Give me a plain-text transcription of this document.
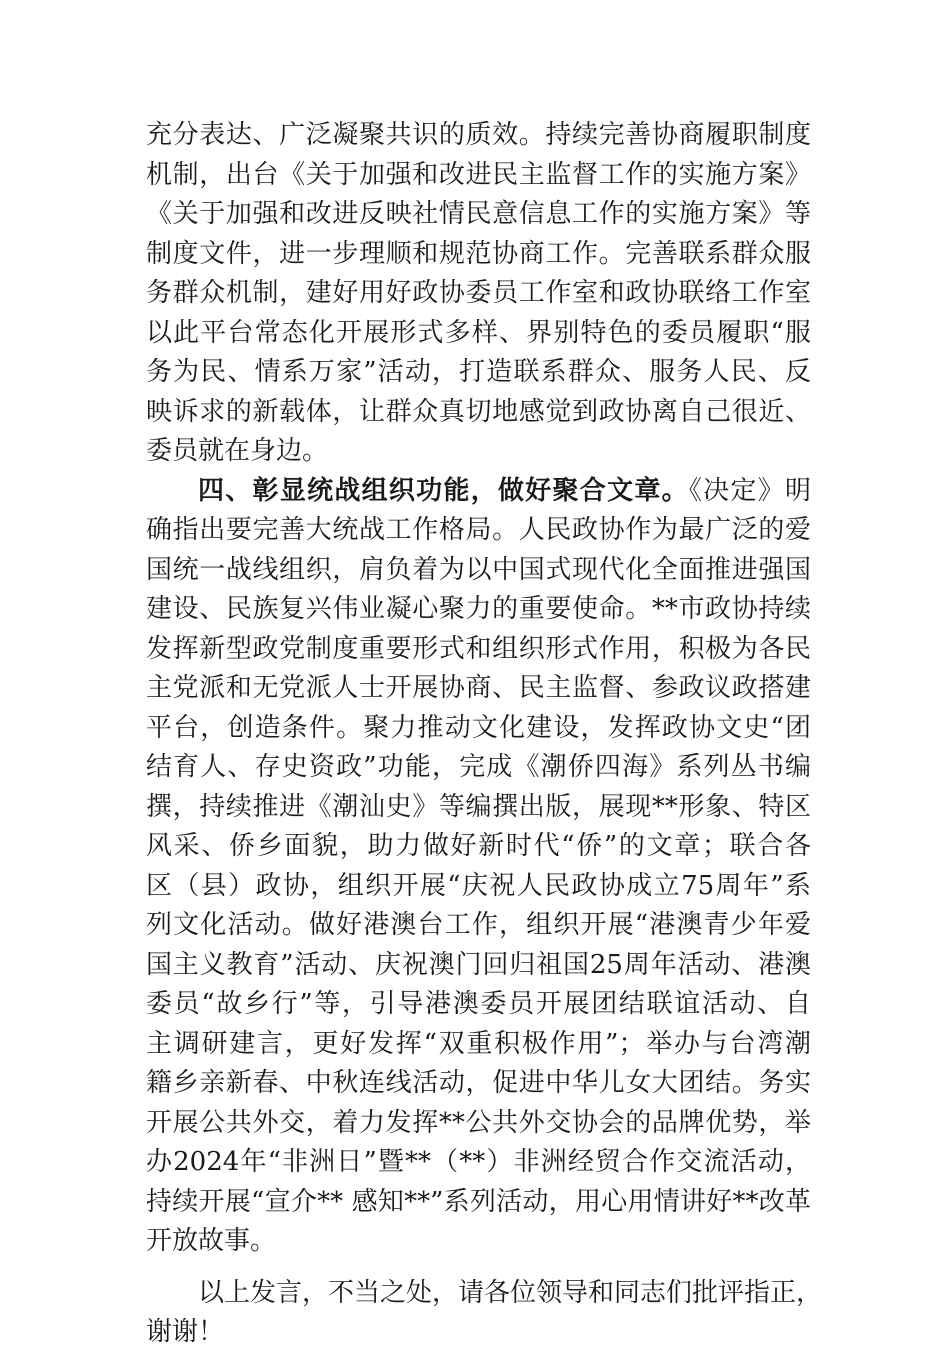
充分表达、广泛凝聚共识的质效。持续完善协商履职制度
机制，出台《关于加强和改进民主监督工作的实施方案》
《关于加强和改进反映社情民意信息工作的实施方案》等
制度文件，进一步理顺和规范协商工作。完善联系群众服
务群众机制，建好用好政协委员工作室和政协联络工作室
以此平台常态化开展形式多样、界别特色的委员履职“服
务为民、情系万家”活动，打造联系群众、服务人民、反
映诉求的新载体，让群众真切地感觉到政协离自己很近、
委员就在身边。
四、彰显统战组织功能，做好聚合文章。《决定》明
确指出要完善大统战工作格局。人民政协作为最广泛的爱
国统一战线组织，肩负着为以中国式现代化全面推进强国
建设、民族复兴伟业凝心聚力的重要使命。**市政协持续
发挥新型政党制度重要形式和组织形式作用，积极为各民
主党派和无党派人士开展协商、民主监督、参政议政搭建
平台，创造条件。聚力推动文化建设，发挥政协文史“团
结育人、存史资政”功能，完成《潮侨四海》系列丛书编
撰，持续推进《潮汕史》等编撰出版，展现**形象、特区
风采、侨乡面貌，助力做好新时代“侨”的文章；联合各
区（县）政协，组织开展“庆祝人民政协成立75周年”系
列文化活动。做好港澳台工作，组织开展“港澳青少年爱
国主义教育”活动、庆祝澳门回归祖国25周年活动、港澳
委员“故乡行”等，引导港澳委员开展团结联谊活动、自
主调研建言，更好发挥“双重积极作用”；举办与台湾潮
籍乡亲新春、中秋连线活动，促进中华儿女大团结。务实
开展公共外交，着力发挥**公共外交协会的品牌优势，举
办2024年“非洲日”暨**（**）非洲经贸合作交流活动，
持续开展“宣介** 感知**”系列活动，用心用情讲好**改革
开放故事。
以上发言，不当之处，请各位领导和同志们批评指正，
谢谢！
